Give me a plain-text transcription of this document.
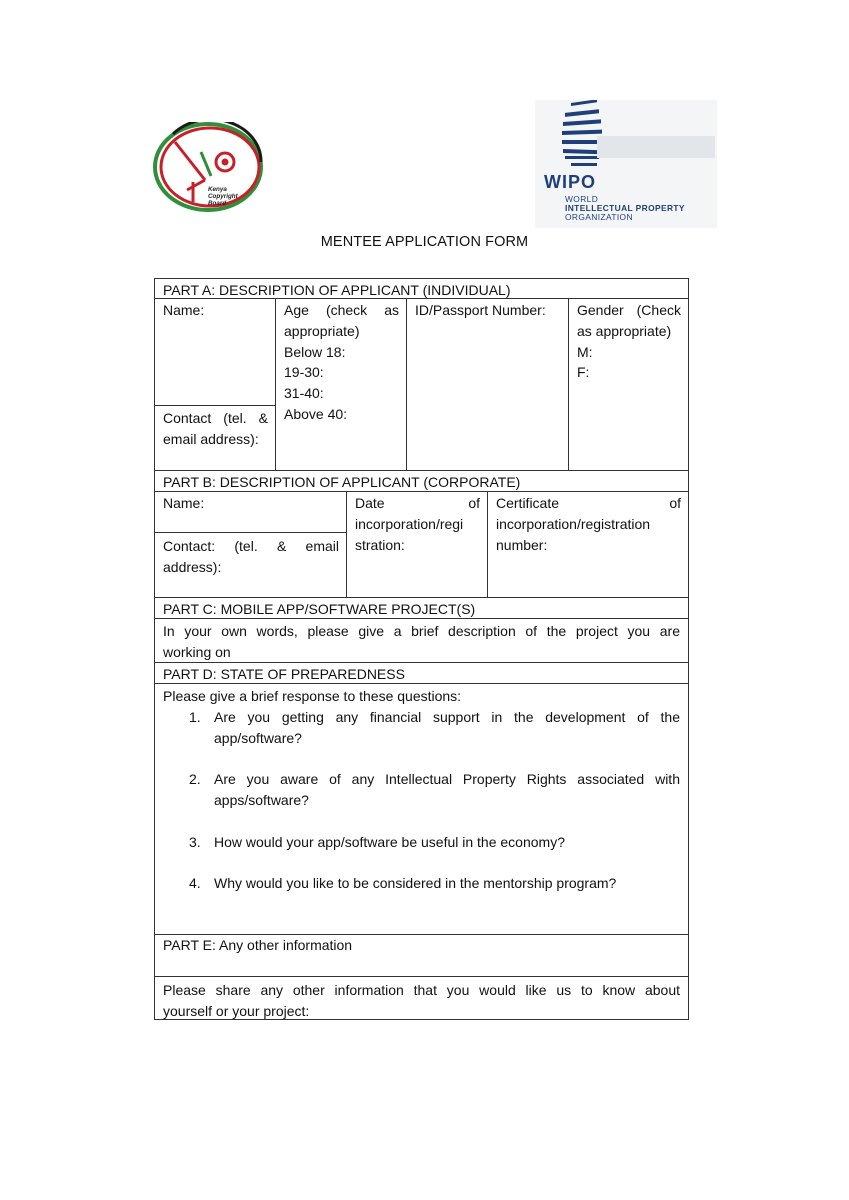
Kenya
Copyright
Board
WIPO
WORLD
INTELLECTUAL PROPERTY
ORGANIZATION
MENTEE APPLICATION FORM
PART A: DESCRIPTION OF APPLICANT (INDIVIDUAL)
Name:
Contact (tel. &
email address):
Age (check as
appropriate)
Below 18:
19-30:
31-40:
Above 40:
ID/Passport Number:	Gender (Check
as appropriate)
M:
F:
PART B: DESCRIPTION OF APPLICANT (CORPORATE)
Name:
Contact: (tel. & email
address):
Date of
incorporation/regi
stration:
Certificate of
incorporation/registration
number:
PART C: MOBILE APP/SOFTWARE PROJECT(S)
In your own words, please give a brief description of the project you are
working on
PART D: STATE OF PREPAREDNESS
Please give a brief response to these questions:
1. Are you getting any financial support in the development of the app/software?
2. Are you aware of any Intellectual Property Rights associated with apps/software?
3. How would your app/software be useful in the economy?
4. Why would you like to be considered in the mentorship program?
PART E: Any other information
Please share any other information that you would like us to know about
yourself or your project:
